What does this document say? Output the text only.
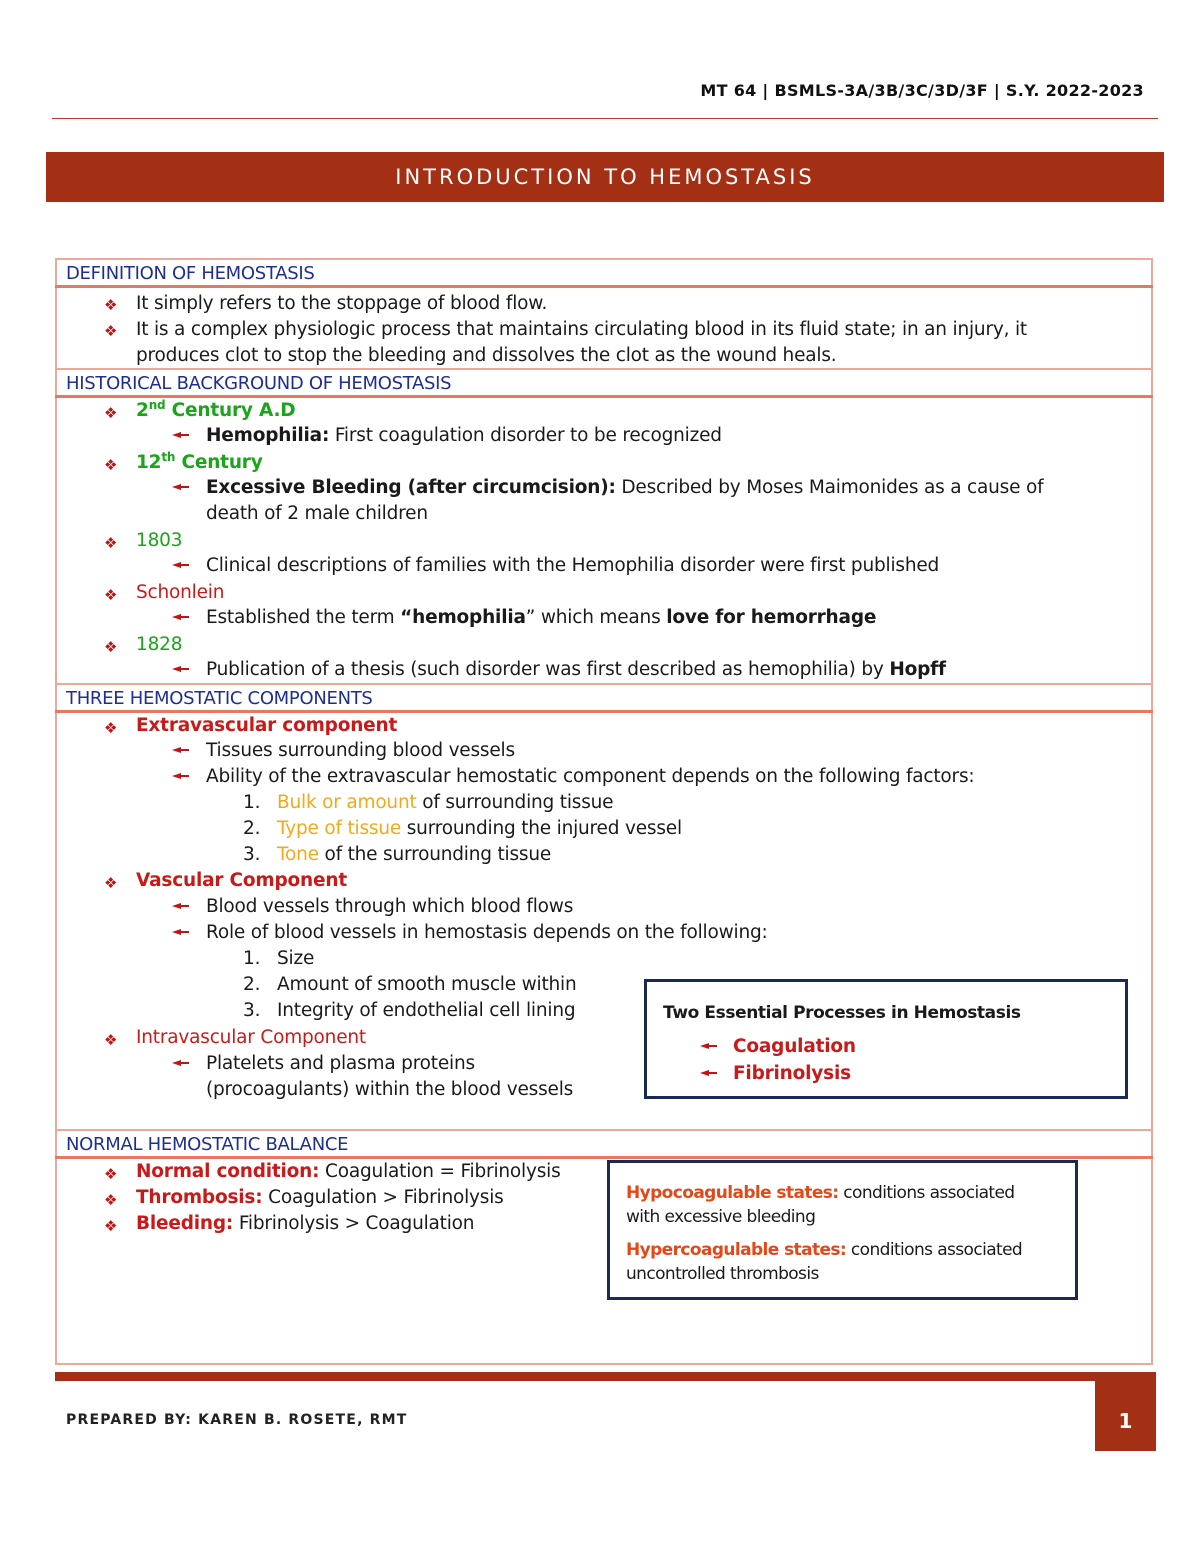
MT 64 | BSMLS-3A/3B/3C/3D/3F | S.Y. 2022-2023
INTRODUCTION TO HEMOSTASIS
DEFINITION OF HEMOSTASIS
❖ It simply refers to the stoppage of blood flow.
❖ It is a complex physiologic process that maintains circulating blood in its fluid state; in an injury, it
produces clot to stop the bleeding and dissolves the clot as the wound heals.
HISTORICAL BACKGROUND OF HEMOSTASIS
❖ 2nd Century A.D
Hemophilia: First coagulation disorder to be recognized
❖ 12th Century
Excessive Bleeding (after circumcision): Described by Moses Maimonides as a cause of
death of 2 male children
❖ 1803
Clinical descriptions of families with the Hemophilia disorder were first published
❖ Schonlein
Established the term “hemophilia” which means love for hemorrhage
❖ 1828
Publication of a thesis (such disorder was first described as hemophilia) by Hopff
THREE HEMOSTATIC COMPONENTS
❖ Extravascular component
Tissues surrounding blood vessels
Ability of the extravascular hemostatic component depends on the following factors:
1. Bulk or amount of surrounding tissue
2. Type of tissue surrounding the injured vessel
3. Tone of the surrounding tissue
❖ Vascular Component
Blood vessels through which blood flows
Role of blood vessels in hemostasis depends on the following:
1. Size
2. Amount of smooth muscle within
3. Integrity of endothelial cell lining
❖ Intravascular Component
Platelets and plasma proteins
(procoagulants) within the blood vessels
Two Essential Processes in Hemostasis
Coagulation
Fibrinolysis
NORMAL HEMOSTATIC BALANCE
❖ Normal condition: Coagulation = Fibrinolysis
❖ Thrombosis: Coagulation > Fibrinolysis
❖ Bleeding: Fibrinolysis > Coagulation
Hypocoagulable states: conditions associated
with excessive bleeding
Hypercoagulable states: conditions associated
uncontrolled thrombosis
1
PREPARED BY: KAREN B. ROSETE, RMT
